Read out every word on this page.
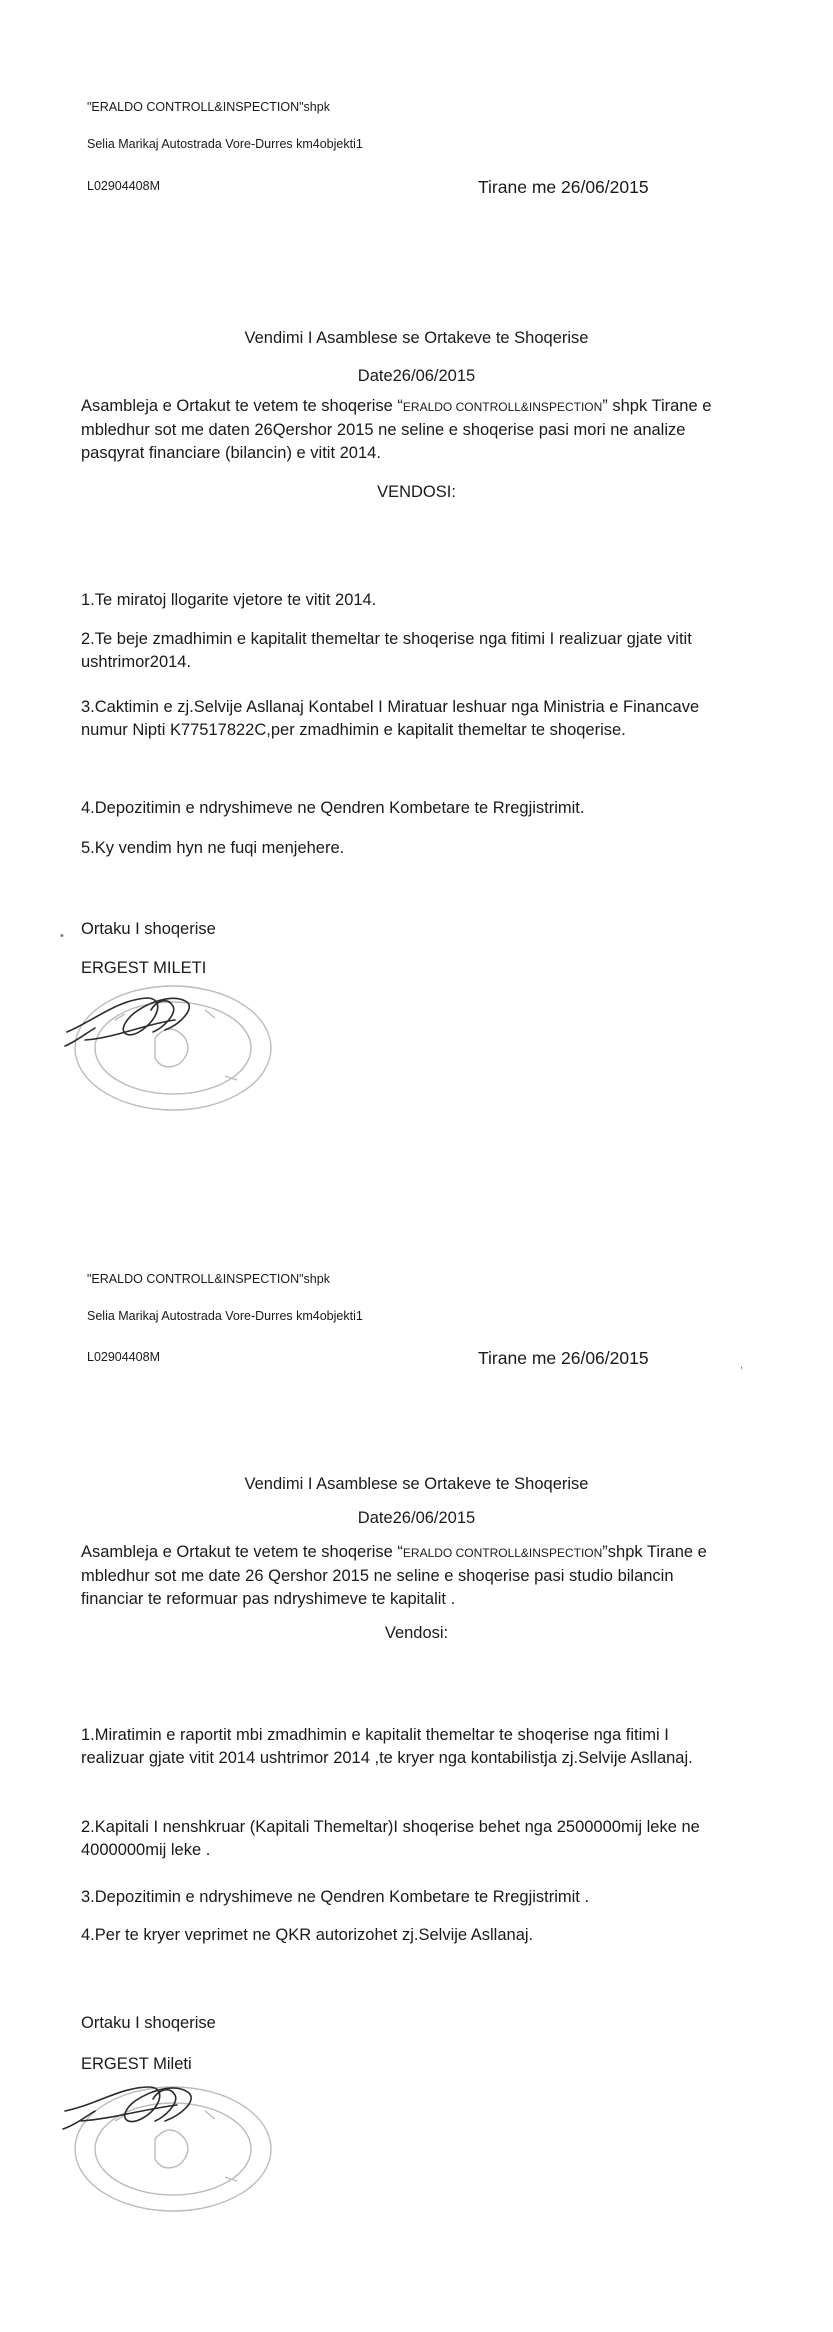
"ERALDO CONTROLL&INSPECTION"shpk
Selia Marikaj Autostrada Vore-Durres km4objekti1
L02904408M	Tirane me 26/06/2015
Vendimi I Asamblese se Ortakeve te Shoqerise
Date26/06/2015
Asambleja e Ortakut te vetem te shoqerise “ERALDO CONTROLL&INSPECTION” shpk Tirane e mbledhur sot me daten 26Qershor 2015 ne seline e shoqerise pasi mori ne analize pasqyrat financiare (bilancin) e vitit 2014.
VENDOSI:
1.Te miratoj llogarite vjetore te vitit 2014.
2.Te beje zmadhimin e kapitalit themeltar te shoqerise nga fitimi I realizuar gjate vitit ushtrimor2014.
3.Caktimin e zj.Selvije Asllanaj Kontabel I Miratuar leshuar nga Ministria e Financave numur Nipti K77517822C,per zmadhimin e kapitalit themeltar te shoqerise.
4.Depozitimin e ndryshimeve ne Qendren Kombetare te Rregjistrimit.
5.Ky vendim hyn ne fuqi menjehere.
Ortaku I shoqerise
ERGEST MILETI
•
"ERALDO CONTROLL&INSPECTION"shpk
Selia Marikaj Autostrada Vore-Durres km4objekti1
L02904408M	Tirane me 26/06/2015
Vendimi I Asamblese se Ortakeve te Shoqerise
Date26/06/2015
Asambleja e Ortakut te vetem te shoqerise “ERALDO CONTROLL&INSPECTION”shpk Tirane e mbledhur sot me date 26 Qershor 2015 ne seline e shoqerise pasi studio bilancin financiar te reformuar pas ndryshimeve te kapitalit .
Vendosi:
1.Miratimin e raportit mbi zmadhimin e kapitalit themeltar te shoqerise nga fitimi I realizuar gjate vitit 2014 ushtrimor 2014 ,te kryer nga kontabilistja zj.Selvije Asllanaj.
2.Kapitali I nenshkruar (Kapitali Themeltar)I shoqerise behet nga 2500000mij leke ne 4000000mij leke .
3.Depozitimin e ndryshimeve ne Qendren Kombetare te Rregjistrimit .
4.Per te kryer veprimet ne QKR autorizohet zj.Selvije Asllanaj.
Ortaku I shoqerise
ERGEST Mileti
,
